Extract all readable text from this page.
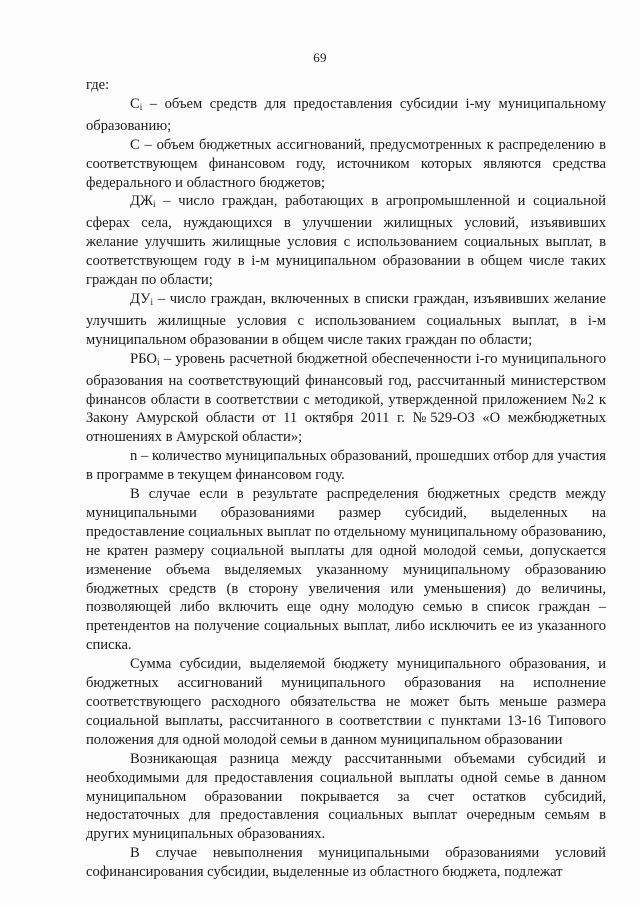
69

где:

$C_i$ – объем средств для предоставления субсидии i-му муниципальному образованию;

C – объем бюджетных ассигнований, предусмотренных к распределению в соответствующем финансовом году, источником которых являются средства федерального и областного бюджетов;

$ДЖ_i$ – число граждан, работающих в агропромышленной и социальной сферах села, нуждающихся в улучшении жилищных условий, изъявивших желание улучшить жилищные условия с использованием социальных выплат, в соответствующем году в i-м муниципальном образовании в общем числе таких граждан по области;

$ДУ_i$ – число граждан, включенных в списки граждан, изъявивших желание улучшить жилищные условия с использованием социальных выплат, в i-м муниципальном образовании в общем числе таких граждан по области;

$РБО_i$ – уровень расчетной бюджетной обеспеченности i-го муниципального образования на соответствующий финансовый год, рассчитанный министерством финансов области в соответствии с методикой, утвержденной приложением №2 к Закону Амурской области от 11 октября 2011 г. №529-ОЗ «О межбюджетных отношениях в Амурской области»;

n – количество муниципальных образований, прошедших отбор для участия в программе в текущем финансовом году.

В случае если в результате распределения бюджетных средств между муниципальными образованиями размер субсидий, выделенных на предоставление социальных выплат по отдельному муниципальному образованию, не кратен размеру социальной выплаты для одной молодой семьи, допускается изменение объема выделяемых указанному муниципальному образованию бюджетных средств (в сторону увеличения или уменьшения) до величины, позволяющей либо включить еще одну молодую семью в список граждан – претендентов на получение социальных выплат, либо исключить ее из указанного списка.

Сумма субсидии, выделяемой бюджету муниципального образования, и бюджетных ассигнований муниципального образования на исполнение соответствующего расходного обязательства не может быть меньше размера социальной выплаты, рассчитанного в соответствии с пунктами 13-16 Типового положения для одной молодой семьи в данном муниципальном образовании

Возникающая разница между рассчитанными объемами субсидий и необходимыми для предоставления социальной выплаты одной семье в данном муниципальном образовании покрывается за счет остатков субсидий, недостаточных для предоставления социальных выплат очередным семьям в других муниципальных образованиях.

В случае невыполнения муниципальными образованиями условий софинансирования субсидии, выделенные из областного бюджета, подлежат
